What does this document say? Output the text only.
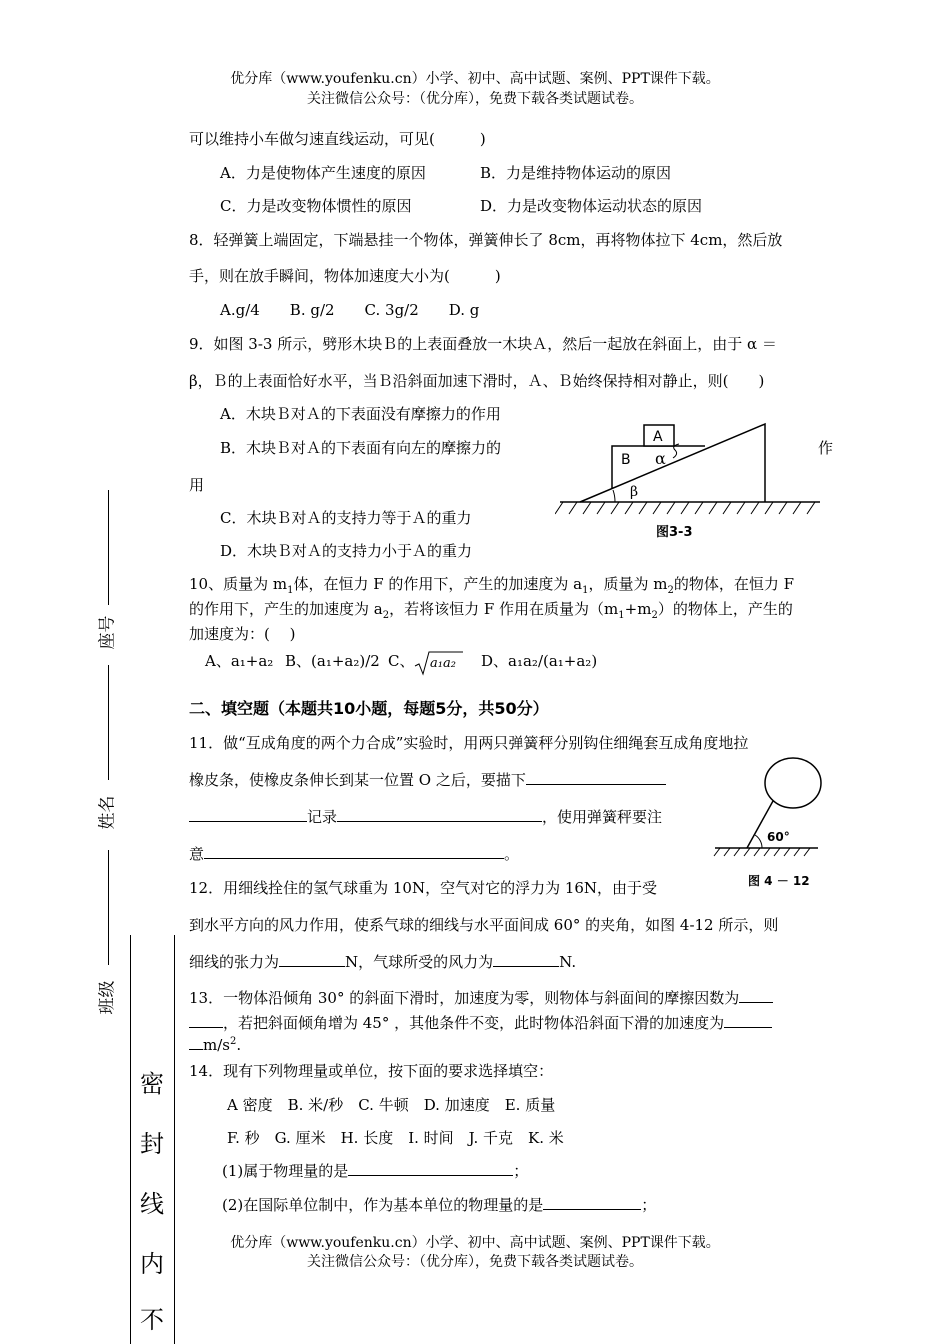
优分库（www.youfenku.cn）小学、初中、高中试题、案例、PPT课件下载。
关注微信公众号：（优分库），免费下载各类试题试卷。
座号
姓名
班级
密
封
线
内
不
可以维持小车做匀速直线运动，可见(　　　)
A．力是使物体产生速度的原因	B．力是维持物体运动的原因
C．力是改变物体惯性的原因	D．力是改变物体运动状态的原因
8．轻弹簧上端固定，下端悬挂一个物体，弹簧伸长了 8cm，再将物体拉下 4cm，然后放
手，则在放手瞬间，物体加速度大小为(　　　)
A.g/4　　B. g/2　　C. 3g/2　　D. g
9．如图 3-3 所示，劈形木块Ｂ的上表面叠放一木块Ａ，然后一起放在斜面上，由于 α ＝
β，Ｂ的上表面恰好水平，当Ｂ沿斜面加速下滑时，Ａ、Ｂ始终保持相对静止，则(　　)
A．木块Ｂ对Ａ的下表面没有摩擦力的作用
B．木块Ｂ对Ａ的下表面有向左的摩擦力的	作
用
C．木块Ｂ对Ａ的支持力等于Ａ的重力
D．木块Ｂ对Ａ的支持力小于Ａ的重力
A
B α
β
图3-3
10、质量为 $m_1$体，在恒力 F 的作用下，产生的加速度为 $a_1$，质量为 $m_2$的物体，在恒力 F
的作用下，产生的加速度为 $a_2$，若将该恒力 F 作用在质量为$(m_1+m_2)$的物体上，产生的
加速度为：(　 )
A、a₁+a₂ B、(a₁+a₂)/2 C、 a₁a₂ D、a₁a₂/(a₁+a₂)
二、填空题（本题共10小题，每题5分，共50分）
11．做“互成角度的两个力合成”实验时，用两只弹簧秤分别钩住细绳套互成角度地拉
橡皮条，使橡皮条伸长到某一位置 O 之后，要描下
记录	，使用弹簧秤要注
意	。
60°
图 4 － 12
12．用细线拴住的氢气球重为 10N，空气对它的浮力为 16N，由于受
到水平方向的风力作用，使系气球的细线与水平面间成 60° 的夹角，如图 4-12 所示，则
细线的张力为	N，气球所受的风力为	N.
13．一物体沿倾角 30° 的斜面下滑时，加速度为零，则物体与斜面间的摩擦因数为
，若把斜面倾角增为 45° ，其他条件不变，此时物体沿斜面下滑的加速度为
$m/s^2$.
14．现有下列物理量或单位，按下面的要求选择填空：
A 密度　B. 米/秒　C. 牛顿　D. 加速度　E. 质量
F. 秒　G. 厘米　H. 长度　I. 时间　J. 千克　K. 米
(1)属于物理量的是	；
(2)在国际单位制中，作为基本单位的物理量的是	；
优分库（www.youfenku.cn）小学、初中、高中试题、案例、PPT课件下载。
关注微信公众号：（优分库），免费下载各类试题试卷。
